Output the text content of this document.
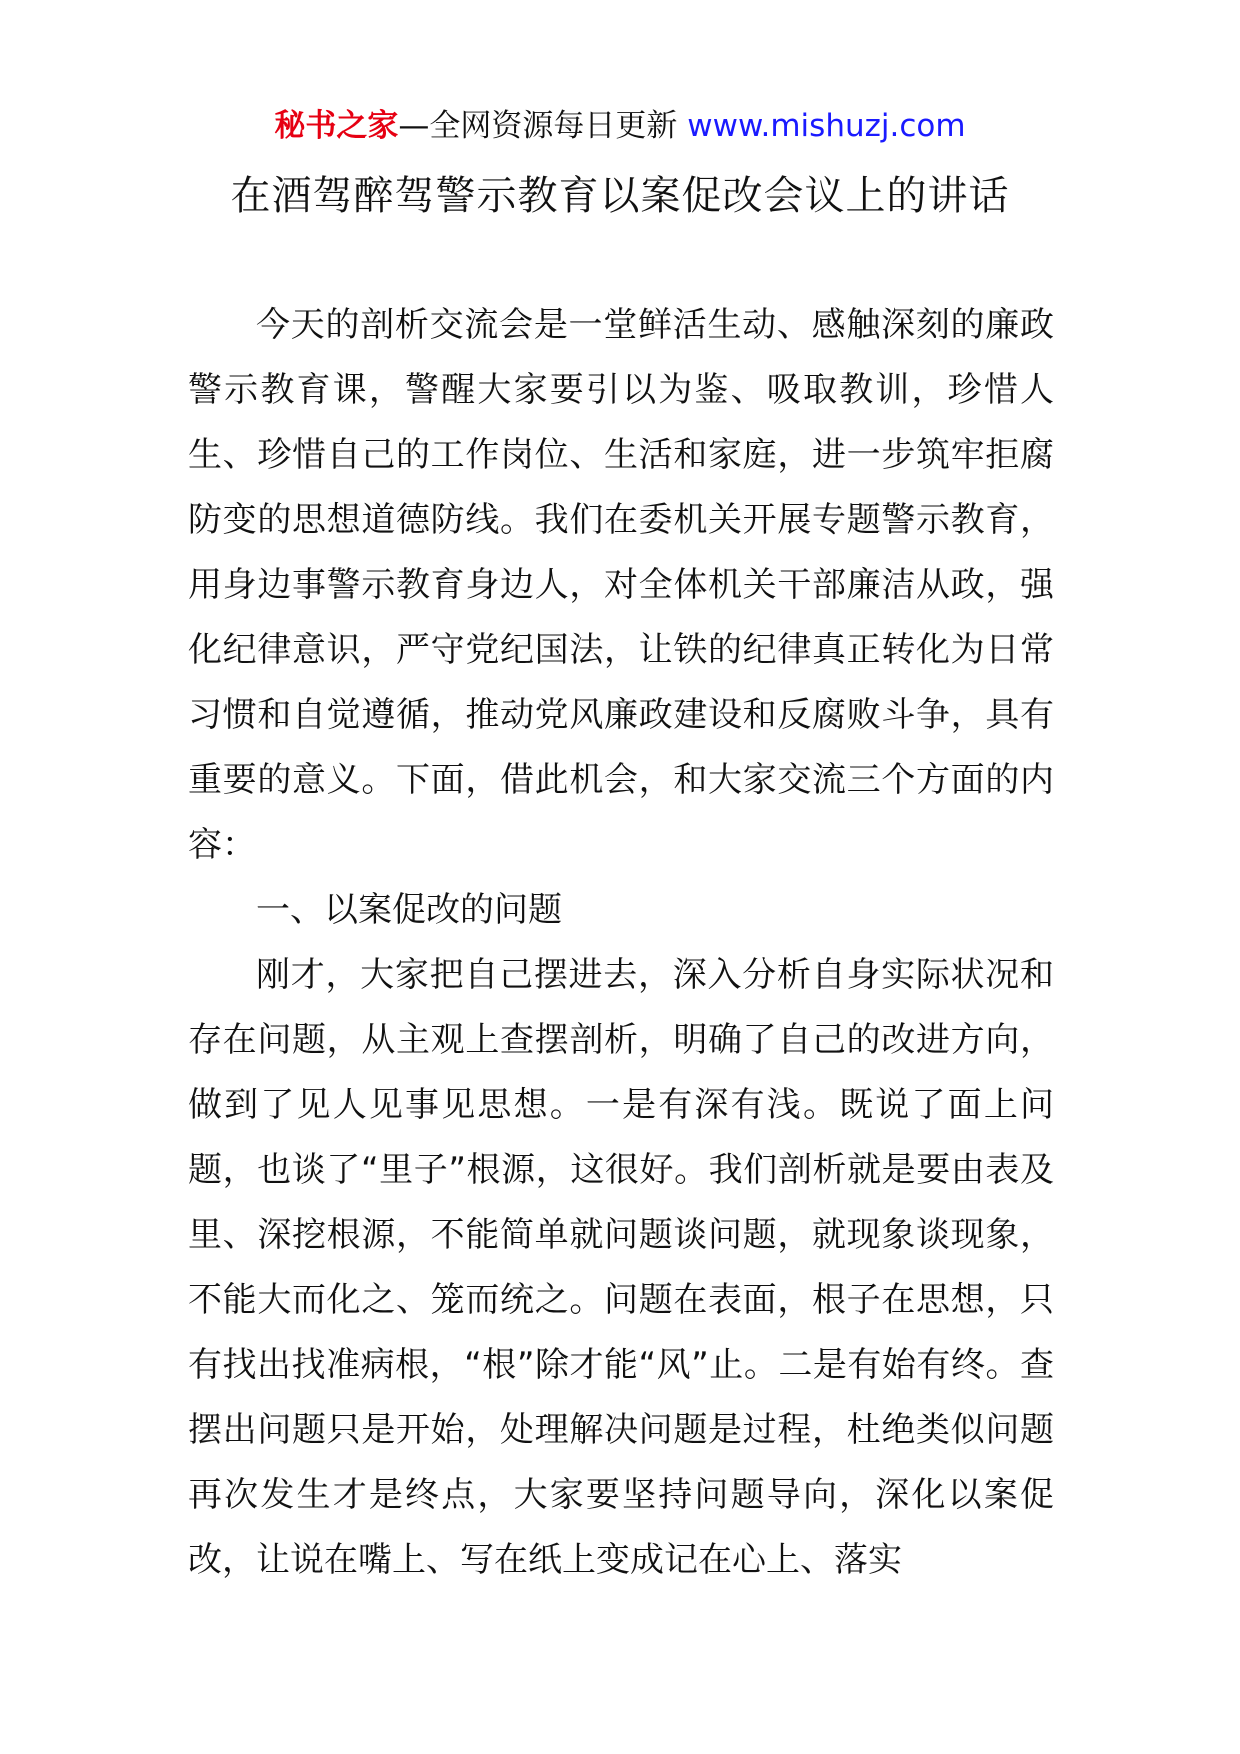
秘书之家—全网资源每日更新 www.mishuzj.com
在酒驾醉驾警示教育以案促改会议上的讲话

今天的剖析交流会是一堂鲜活生动、感触深刻的廉政警示教育课，警醒大家要引以为鉴、吸取教训，珍惜人生、珍惜自己的工作岗位、生活和家庭，进一步筑牢拒腐防变的思想道德防线。我们在委机关开展专题警示教育，用身边事警示教育身边人，对全体机关干部廉洁从政，强化纪律意识，严守党纪国法，让铁的纪律真正转化为日常习惯和自觉遵循，推动党风廉政建设和反腐败斗争，具有重要的意义。下面，借此机会，和大家交流三个方面的内容：

一、以案促改的问题

刚才，大家把自己摆进去，深入分析自身实际状况和存在问题，从主观上查摆剖析，明确了自己的改进方向，做到了见人见事见思想。一是有深有浅。既说了面上问题，也谈了“里子”根源，这很好。我们剖析就是要由表及里、深挖根源，不能简单就问题谈问题，就现象谈现象，不能大而化之、笼而统之。问题在表面，根子在思想，只有找出找准病根，“根”除才能“风”止。二是有始有终。查摆出问题只是开始，处理解决问题是过程，杜绝类似问题再次发生才是终点，大家要坚持问题导向，深化以案促改，让说在嘴上、写在纸上变成记在心上、落实
